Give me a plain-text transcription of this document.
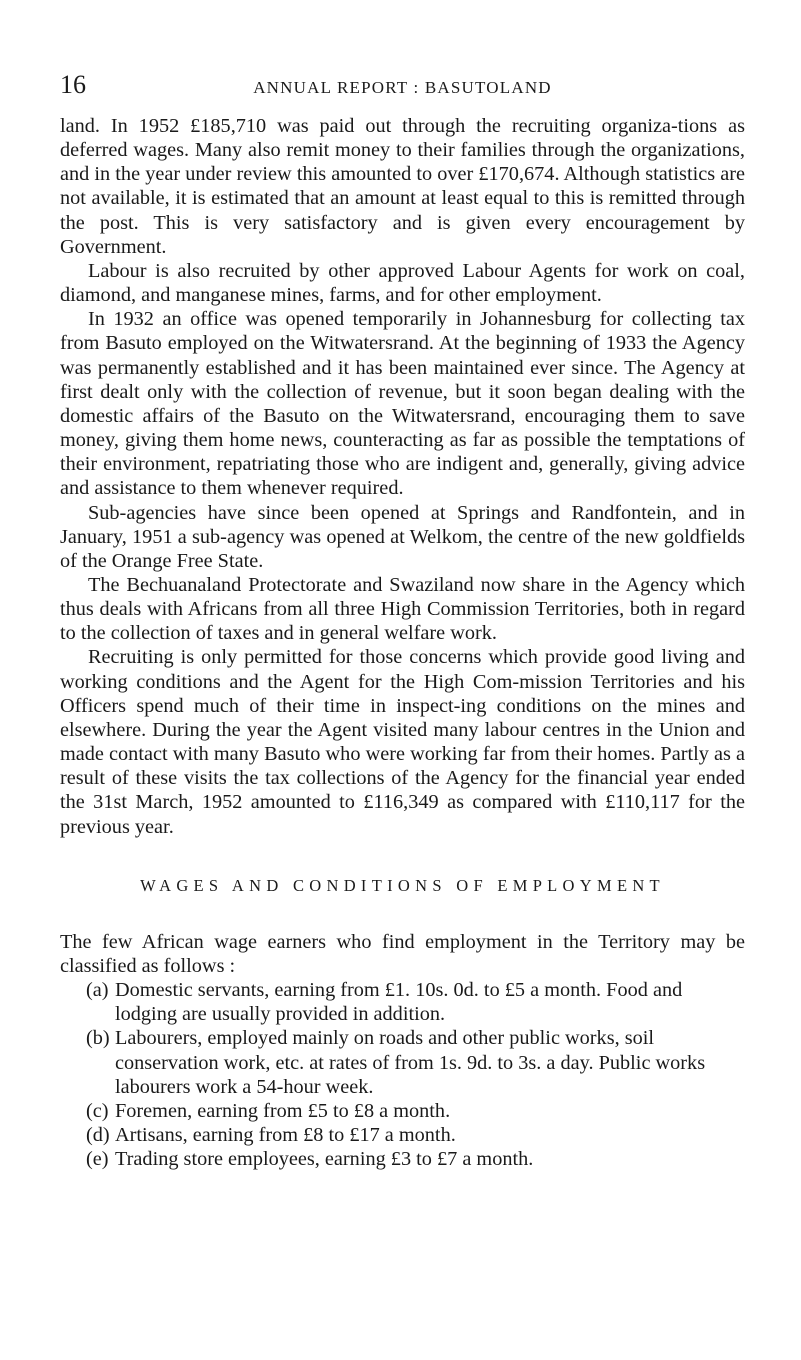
16	ANNUAL REPORT : BASUTOLAND

land. In 1952 £185,710 was paid out through the recruiting organiza-tions as deferred wages. Many also remit money to their families through the organizations, and in the year under review this amounted to over £170,674. Although statistics are not available, it is estimated that an amount at least equal to this is remitted through the post. This is very satisfactory and is given every encouragement by Government.

Labour is also recruited by other approved Labour Agents for work on coal, diamond, and manganese mines, farms, and for other employment.

In 1932 an office was opened temporarily in Johannesburg for collecting tax from Basuto employed on the Witwatersrand. At the beginning of 1933 the Agency was permanently established and it has been maintained ever since. The Agency at first dealt only with the collection of revenue, but it soon began dealing with the domestic affairs of the Basuto on the Witwatersrand, encouraging them to save money, giving them home news, counteracting as far as possible the temptations of their environment, repatriating those who are indigent and, generally, giving advice and assistance to them whenever required.

Sub-agencies have since been opened at Springs and Randfontein, and in January, 1951 a sub-agency was opened at Welkom, the centre of the new goldfields of the Orange Free State.

The Bechuanaland Protectorate and Swaziland now share in the Agency which thus deals with Africans from all three High Commission Territories, both in regard to the collection of taxes and in general welfare work.

Recruiting is only permitted for those concerns which provide good living and working conditions and the Agent for the High Com-mission Territories and his Officers spend much of their time in inspect-ing conditions on the mines and elsewhere. During the year the Agent visited many labour centres in the Union and made contact with many Basuto who were working far from their homes. Partly as a result of these visits the tax collections of the Agency for the financial year ended the 31st March, 1952 amounted to £116,349 as compared with £110,117 for the previous year.

WAGES AND CONDITIONS OF EMPLOYMENT

The few African wage earners who find employment in the Territory may be classified as follows :

(a) Domestic servants, earning from £1. 10s. 0d. to £5 a month. Food and lodging are usually provided in addition.
(b) Labourers, employed mainly on roads and other public works, soil conservation work, etc. at rates of from 1s. 9d. to 3s. a day. Public works labourers work a 54-hour week.
(c) Foremen, earning from £5 to £8 a month.
(d) Artisans, earning from £8 to £17 a month.
(e) Trading store employees, earning £3 to £7 a month.
